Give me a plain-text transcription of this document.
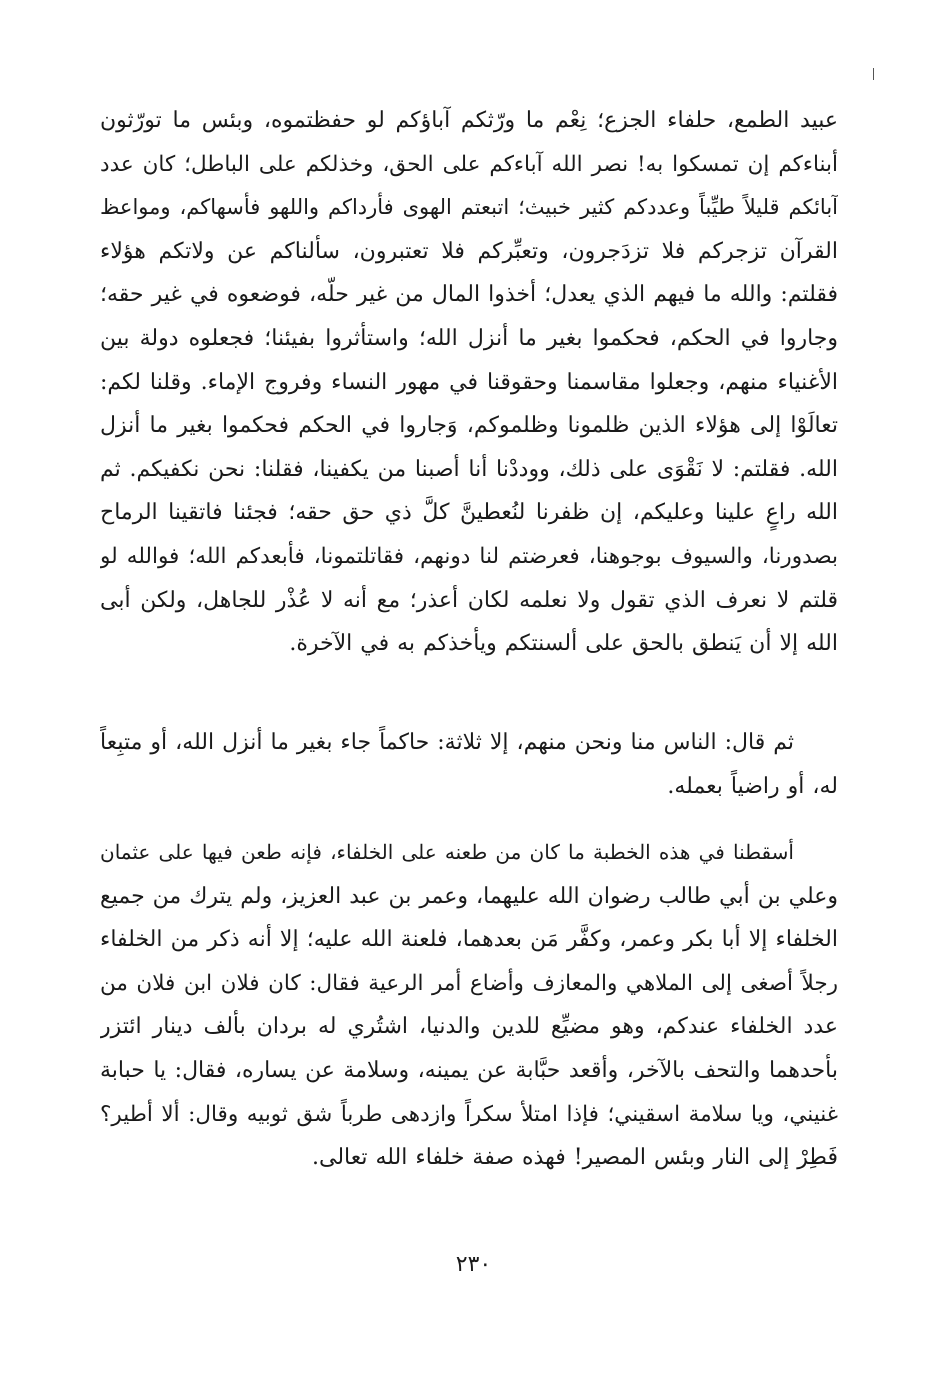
عبيد الطمع، حلفاء الجزع؛ نِعْم ما ورّثكم آباؤكم لو حفظتموه، وبئس ما تورّثون
أبناءكم إن تمسكوا به! نصر الله آباءكم على الحق، وخذلكم على الباطل؛ كان عدد
آبائكم قليلاً طيِّباً وعددكم كثير خبيث؛ اتبعتم الهوى فأرداكم واللهو فأسهاكم، ومواعظ
القرآن تزجركم فلا تزدَجرون، وتعبِّركم فلا تعتبرون، سألناكم عن ولاتكم هؤلاء
فقلتم: والله ما فيهم الذي يعدل؛ أخذوا المال من غير حلّه، فوضعوه في غير حقه؛
وجاروا في الحكم، فحكموا بغير ما أنزل الله؛ واستأثروا بفيئنا؛ فجعلوه دولة بين
الأغنياء منهم، وجعلوا مقاسمنا وحقوقنا في مهور النساء وفروج الإماء. وقلنا لكم:
تعالَوْا إلى هؤلاء الذين ظلمونا وظلموكم، وَجاروا في الحكم فحكموا بغير ما أنزل
الله. فقلتم: لا نَقْوَى على ذلك، ووددْنا أنا أصبنا من يكفينا، فقلنا: نحن نكفيكم. ثم
الله راعٍ علينا وعليكم، إن ظفرنا لنُعطينَّ كلَّ ذي حق حقه؛ فجئنا فاتقينا الرماح
بصدورنا، والسيوف بوجوهنا، فعرضتم لنا دونهم، فقاتلتمونا، فأبعدكم الله؛ فوالله لو
قلتم لا نعرف الذي تقول ولا نعلمه لكان أعذر؛ مع أنه لا عُذْر للجاهل، ولكن أبى
الله إلا أن يَنطق بالحق على ألسنتكم ويأخذكم به في الآخرة.
ثم قال: الناس منا ونحن منهم، إلا ثلاثة: حاكماً جاء بغير ما أنزل الله، أو متبِعاً
له، أو راضياً بعمله.
أسقطنا في هذه الخطبة ما كان من طعنه على الخلفاء، فإنه طعن فيها على عثمان
وعلي بن أبي طالب رضوان الله عليهما، وعمر بن عبد العزيز، ولم يترك من جميع
الخلفاء إلا أبا بكر وعمر، وكفَّر مَن بعدهما، فلعنة الله عليه؛ إلا أنه ذكر من الخلفاء
رجلاً أصغى إلى الملاهي والمعازف وأضاع أمر الرعية فقال: كان فلان ابن فلان من
عدد الخلفاء عندكم، وهو مضيِّع للدين والدنيا، اشتُري له بردان بألف دينار ائتزر
بأحدهما والتحف بالآخر، وأقعد حبَّابة عن يمينه، وسلامة عن يساره، فقال: يا حبابة
غنيني، ويا سلامة اسقيني؛ فإذا امتلأ سكراً وازدهى طرباً شق ثوبيه وقال: ألا أطير؟
فَطِرْ إلى النار وبئس المصير! فهذه صفة خلفاء الله تعالى.
٢٣٠
